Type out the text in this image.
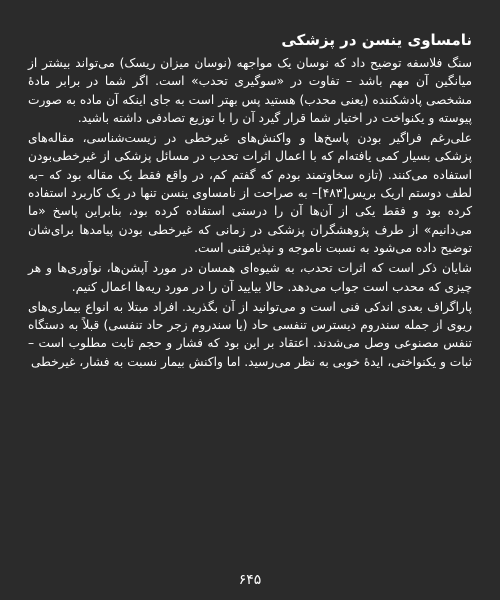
نامساوی ینسن در پزشکی

سنگ فلاسفه توضیح داد که نوسان یک مواجهه (نوسان میزان ریسک) می‌تواند بیشتر از میانگین آن مهم باشد – تفاوت در «سوگیری تحدب» است. اگر شما در برابر مادهٔ مشخصی پادشکننده (یعنی محدب) هستید پس بهتر است به جای اینکه آن ماده به صورت پیوسته و یکنواخت در اختیار شما قرار گیرد آن را با توزیع تصادفی داشته باشید.

علی‌رغم فراگیر بودن پاسخ‌ها و واکنش‌های غیرخطی در زیست‌شناسی، مقاله‌های پزشکی بسیار کمی یافته‌ام که با اعمال اثرات تحدب در مسائل پزشکی از غیرخطی‌بودن استفاده می‌کنند. (تازه سخاوتمند بودم که گفتم کم، در واقع فقط یک مقاله بود که –به لطف دوستم اریک بریس[۴۸۳]– به صراحت از نامساوی ینسن تنها در یک کاربرد استفاده کرده بود و فقط یکی از آن‌ها آن را درستی استفاده کرده بود، بنابراین پاسخ «ما می‌دانیم» از طرف پژوهشگران پزشکی در زمانی که غیرخطی بودن پیامدها برای‌شان توضیح داده می‌شود به نسبت ناموجه و نپذیرفتنی است.

شایان ذکر است که اثرات تحدب، به شیوه‌ای همسان در مورد آپشن‌ها، نوآوری‌ها و هر چیزی که محدب است جواب می‌دهد. حالا بیایید آن را در مورد ریه‌ها اعمال کنیم.

پاراگراف بعدی اندکی فنی است و می‌توانید از آن بگذرید. افراد مبتلا به انواع بیماری‌های ریوی از جمله سندروم دیسترس تنفسی حاد (یا سندروم زجر حاد تنفسی) قبلاً به دستگاه تنفس مصنوعی وصل می‌شدند. اعتقاد بر این بود که فشار و حجم ثابت مطلوب است – ثبات و یکنواختی، ایدهٔ خوبی به نظر می‌رسید. اما واکنش بیمار نسبت به فشار، غیرخطی

۶۴۵
